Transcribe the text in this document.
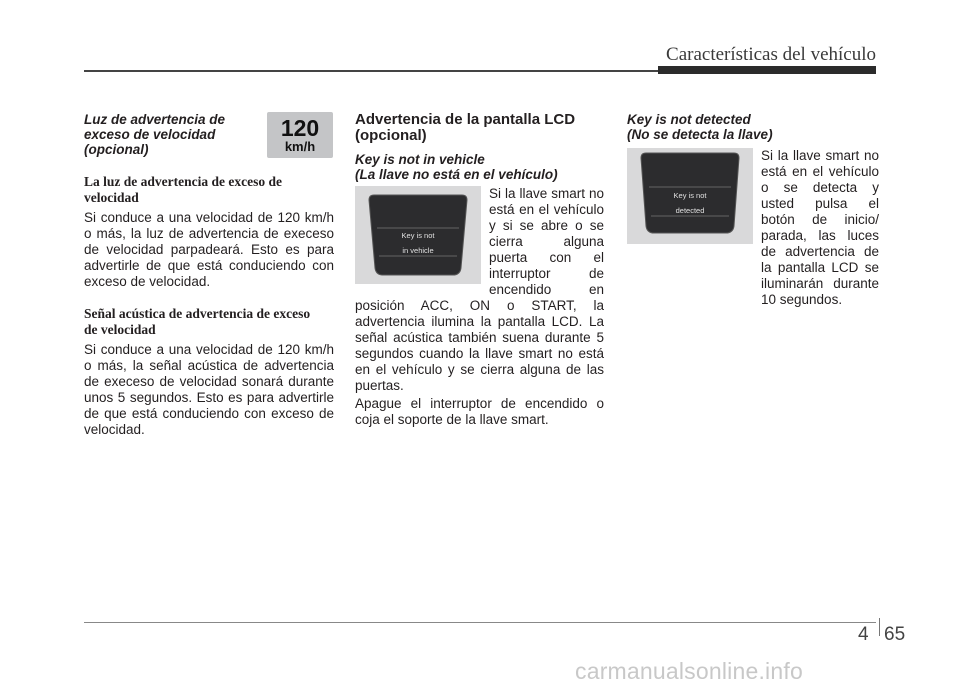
Características del vehículo
Luz de advertencia de
exceso de velocidad
(opcional)
120
km/h
La luz de advertencia de exceso de
velocidad

Si conduce a una velocidad de 120 km/h o más, la luz de advertencia de execeso de velocidad parpadeará. Esto es para advertirle de que está conduciendo con exceso de velocidad.

Señal acústica de advertencia de exceso
de velocidad

Si conduce a una velocidad de 120 km/h o más, la señal acústica de advertencia de execeso de velocidad sonará durante unos 5 segundos. Esto es para advertirle de que está conduciendo con exceso de velocidad.

Advertencia de la pantalla LCD
(opcional)
Key is not in vehicle
(La llave no está en el vehículo)
Key is not
in vehicle
Si la llave smart no
está en el vehículo
y si se abre o se
cierra alguna
puerta con el
interruptor de
encendido en

posición ACC, ON o START, la advertencia ilumina la pantalla LCD. La señal acústica también suena durante 5 segundos cuando la llave smart no está en el vehículo y se cierra alguna de las puertas.

Apague el interruptor de encendido o coja el soporte de la llave smart.

Key is not detected
(No se detecta la llave)
Key is not
detected
Si la llave smart no
está en el vehículo
o se detecta y
usted pulsa el
botón de inicio/
parada, las luces
de advertencia de
la pantalla LCD se
iluminarán durante
10 segundos.
4 65
carmanualsonline.info
